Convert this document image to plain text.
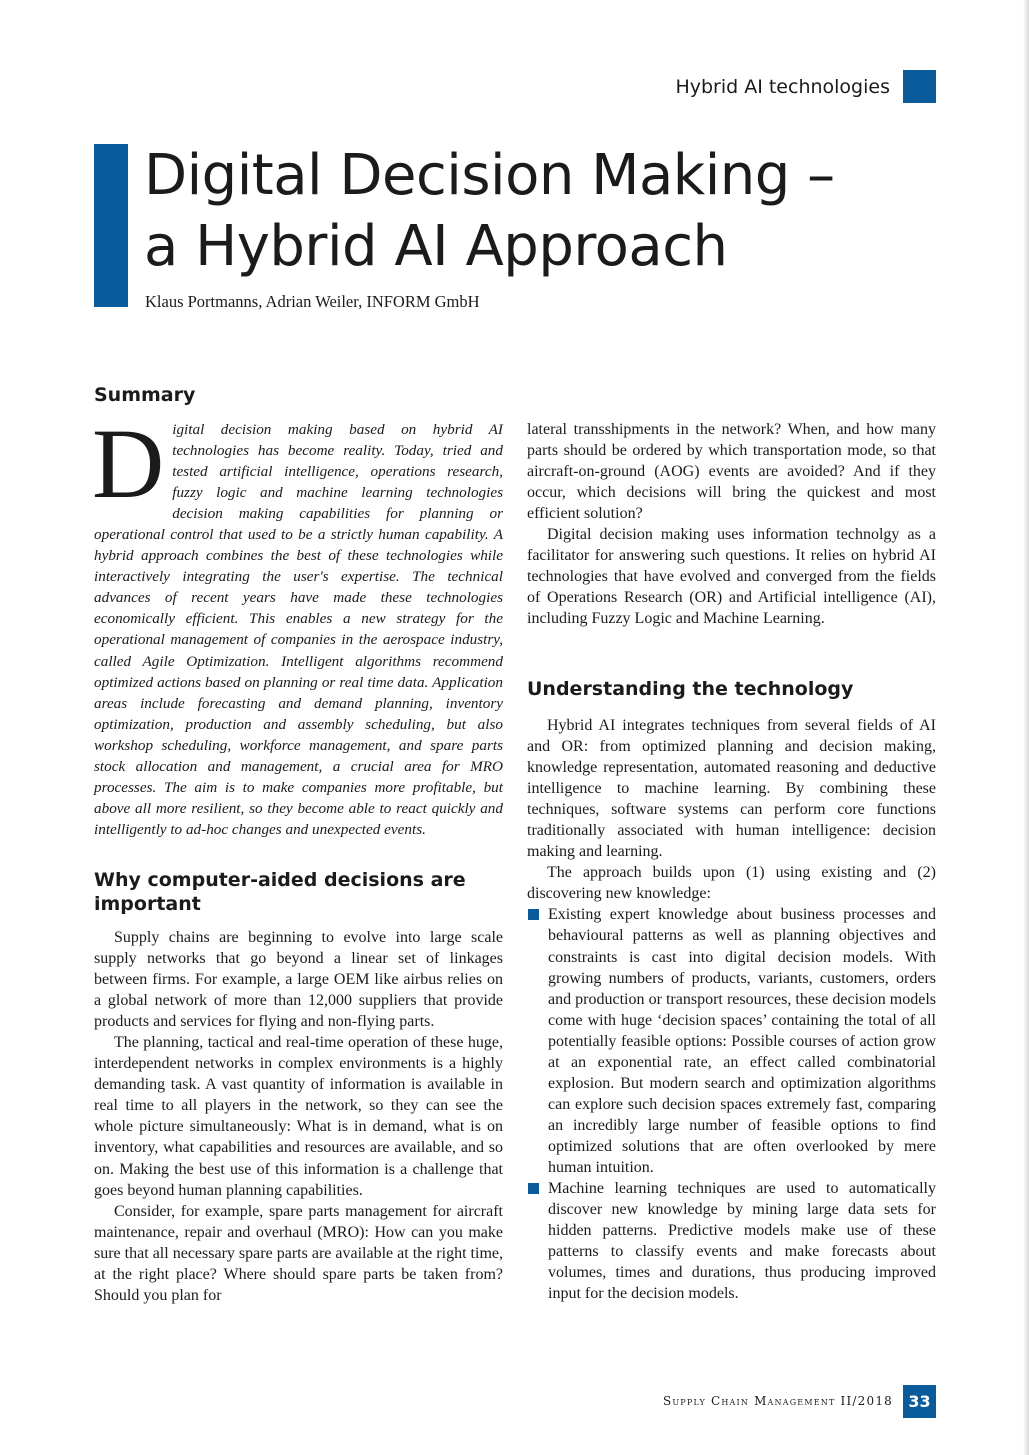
Hybrid AI technologies
Digital Decision Making –
a Hybrid AI Approach
Klaus Portmanns, Adrian Weiler, INFORM GmbH
Summary
Digital decision making based on hybrid AI technologies has become reality. Today, tried and tested artificial intelligence, operations research, fuzzy logic and machine learning technologies decision making capabilities for planning or operational control that used to be a strictly human capability. A hybrid approach combines the best of these technologies while interactively integrating the user's expertise. The technical advances of recent years have made these technologies economically efficient. This enables a new strategy for the operational management of companies in the aerospace industry, called Agile Optimization. Intelligent algorithms recommend optimized actions based on planning or real time data. Application areas include forecasting and demand planning, inventory optimization, production and assembly scheduling, but also workshop scheduling, workforce management, and spare parts stock allocation and management, a crucial area for MRO processes. The aim is to make companies more profitable, but above all more resilient, so they become able to react quickly and intelligently to ad-hoc changes and unexpected events.
Why computer-aided decisions are important

Supply chains are beginning to evolve into large scale supply networks that go beyond a linear set of linkages between firms. For example, a large OEM like airbus relies on a global network of more than 12,000 suppliers that provide products and services for flying and non-flying parts.

The planning, tactical and real-time operation of these huge, interdependent networks in complex environments is a highly demanding task. A vast quantity of information is available in real time to all players in the network, so they can see the whole picture simultaneously: What is in demand, what is on inventory, what capabilities and resources are available, and so on. Making the best use of this information is a challenge that goes beyond human planning capabilities.

Consider, for example, spare parts management for aircraft maintenance, repair and overhaul (MRO): How can you make sure that all necessary spare parts are available at the right time, at the right place? Where should spare parts be taken from? Should you plan for

lateral transshipments in the network? When, and how many parts should be ordered by which transportation mode, so that aircraft-on-ground (AOG) events are avoided? And if they occur, which decisions will bring the quickest and most efficient solution?

Digital decision making uses information technolgy as a facilitator for answering such questions. It relies on hybrid AI technologies that have evolved and converged from the fields of Operations Research (OR) and Artificial intelligence (AI), including Fuzzy Logic and Machine Learning.

Understanding the technology

Hybrid AI integrates techniques from several fields of AI and OR: from optimized planning and decision making, knowledge representation, automated reasoning and deductive intelligence to machine learning. By combining these techniques, software systems can perform core functions traditionally associated with human intelligence: decision making and learning.

The approach builds upon (1) using existing and (2) discovering new knowledge:

Existing expert knowledge about business processes and behavioural patterns as well as planning objectives and constraints is cast into digital decision models. With growing numbers of products, variants, customers, orders and production or transport resources, these decision models come with huge ‘decision spaces’ containing the total of all potentially feasible options: Possible courses of action grow at an exponential rate, an effect called combinatorial explosion. But modern search and optimization algorithms can explore such decision spaces extremely fast, comparing an incredibly large number of feasible options to find optimized solutions that are often overlooked by mere human intuition.
Machine learning techniques are used to automatically discover new knowledge by mining large data sets for hidden patterns. Predictive models make use of these patterns to classify events and make forecasts about volumes, times and durations, thus producing improved input for the decision models.
Supply Chain Management II/2018 33
